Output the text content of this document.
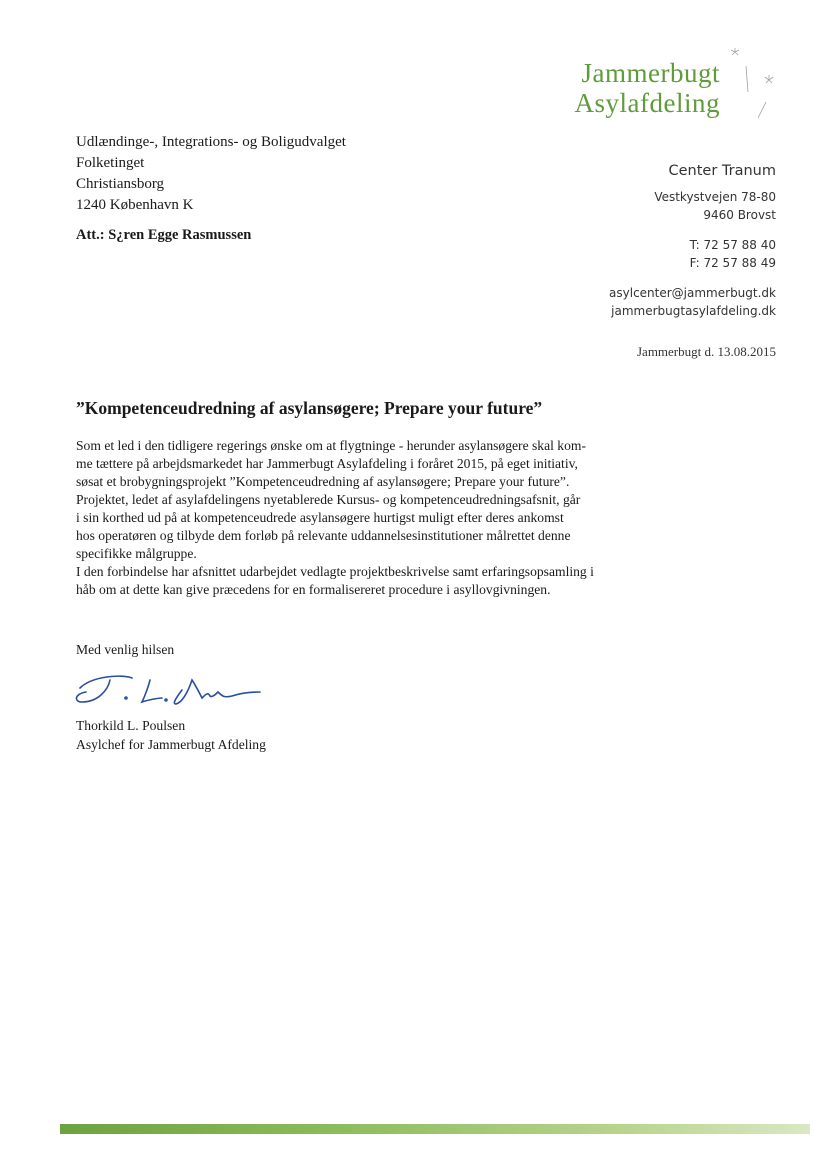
Jammerbugt
Asylafdeling
Udlændinge-, Integrations- og Boligudvalget
Folketinget
Christiansborg
1240 København K
Att.: S¿ren Egge Rasmussen
Center Tranum
Vestkystvejen 78-80
9460 Brovst
T: 72 57 88 40
F: 72 57 88 49
asylcenter@jammerbugt.dk
jammerbugtasylafdeling.dk
Jammerbugt d. 13.08.2015
”Kompetenceudredning af asylansøgere; Prepare your future”
Som et led i den tidligere regerings ønske om at flygtninge - herunder asylansøgere skal kom-
me tættere på arbejdsmarkedet har Jammerbugt Asylafdeling i foråret 2015, på eget initiativ,
søsat et brobygningsprojekt ”Kompetenceudredning af asylansøgere; Prepare your future”.
Projektet, ledet af asylafdelingens nyetablerede Kursus- og kompetenceudredningsafsnit, går
i sin korthed ud på at kompetenceudrede asylansøgere hurtigst muligt efter deres ankomst
hos operatøren og tilbyde dem forløb på relevante uddannelsesinstitutioner målrettet denne
specifikke målgruppe.
I den forbindelse har afsnittet udarbejdet vedlagte projektbeskrivelse samt erfaringsopsamling i
håb om at dette kan give præcedens for en formalisereret procedure i asyllovgivningen.
Med venlig hilsen
Thorkild L. Poulsen
Asylchef for Jammerbugt Afdeling
